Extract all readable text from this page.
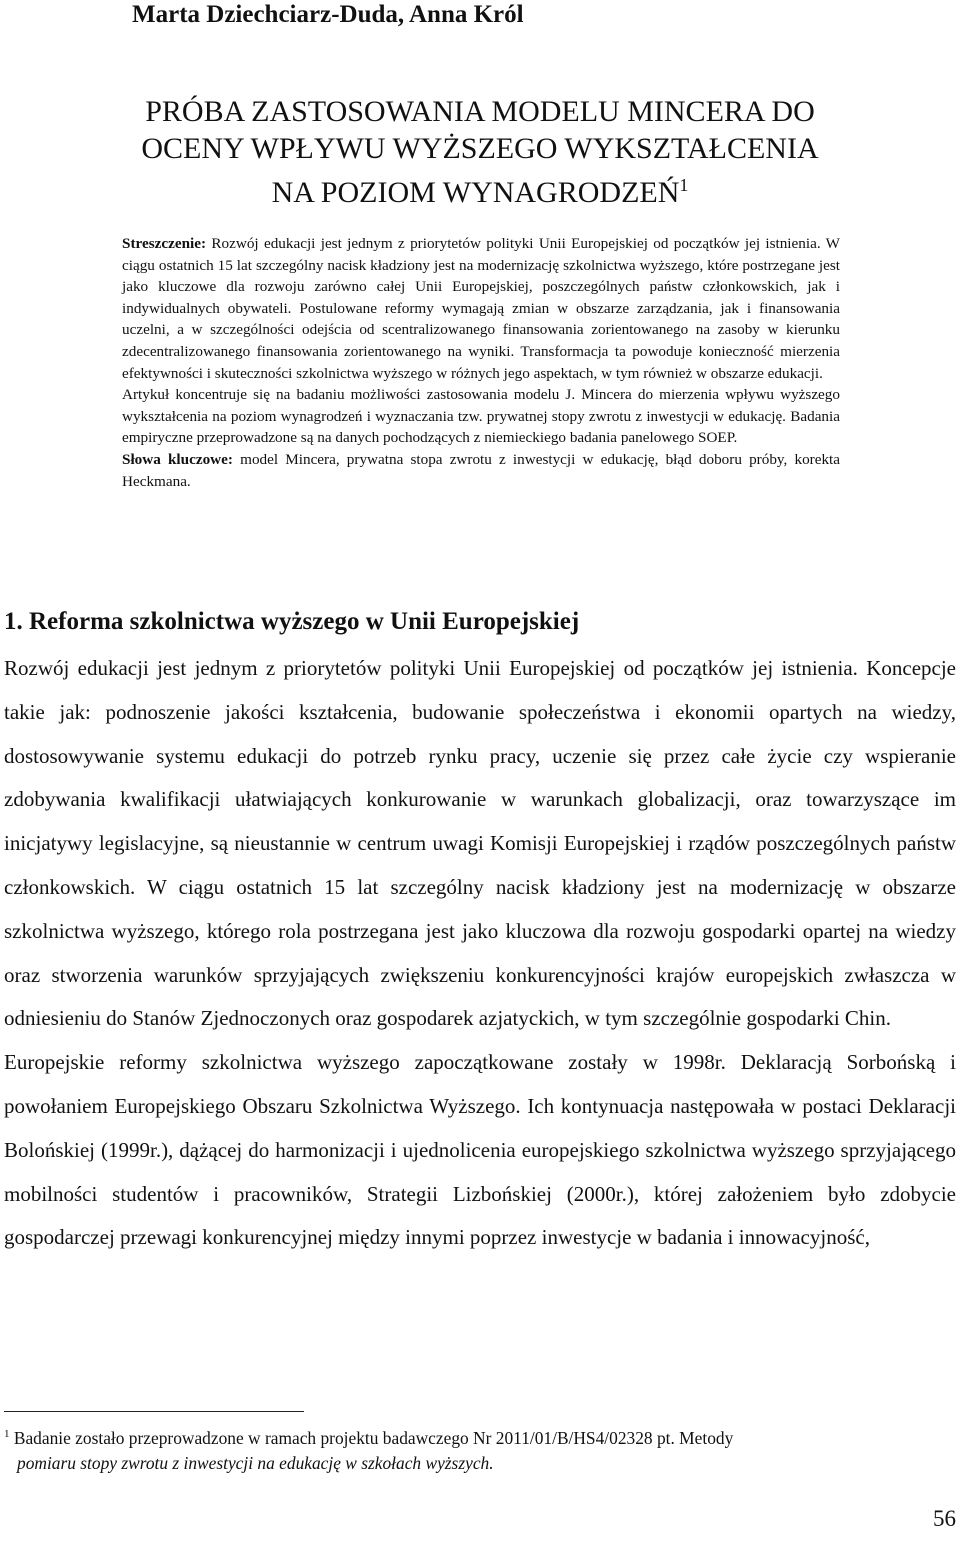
Marta Dziechciarz-Duda, Anna Król
PRÓBA ZASTOSOWANIA MODELU MINCERA DO
OCENY WPŁYWU WYŻSZEGO WYKSZTAŁCENIA
NA POZIOM WYNAGRODZEŃ$^1$

Streszczenie: Rozwój edukacji jest jednym z priorytetów polityki Unii Europejskiej od początków jej istnienia. W ciągu ostatnich 15 lat szczególny nacisk kładziony jest na modernizację szkolnictwa wyższego, które postrzegane jest jako kluczowe dla rozwoju zarówno całej Unii Europejskiej, poszczególnych państw członkowskich, jak i indywidualnych obywateli. Postulowane reformy wymagają zmian w obszarze zarządzania, jak i finansowania uczelni, a w szczególności odejścia od scentralizowanego finansowania zorientowanego na zasoby w kierunku zdecentralizowanego finansowania zorientowanego na wyniki. Transformacja ta powoduje konieczność mierzenia efektywności i skuteczności szkolnictwa wyższego w różnych jego aspektach, w tym również w obszarze edukacji.

Artykuł koncentruje się na badaniu możliwości zastosowania modelu J. Mincera do mierzenia wpływu wyższego wykształcenia na poziom wynagrodzeń i wyznaczania tzw. prywatnej stopy zwrotu z inwestycji w edukację. Badania empiryczne przeprowadzone są na danych pochodzących z niemieckiego badania panelowego SOEP.

Słowa kluczowe: model Mincera, prywatna stopa zwrotu z inwestycji w edukację, błąd doboru próby, korekta Heckmana.

1. Reforma szkolnictwa wyższego w Unii Europejskiej

Rozwój edukacji jest jednym z priorytetów polityki Unii Europejskiej od początków jej istnienia. Koncepcje takie jak: podnoszenie jakości kształcenia, budowanie społeczeństwa i ekonomii opartych na wiedzy, dostosowywanie systemu edukacji do potrzeb rynku pracy, uczenie się przez całe życie czy wspieranie zdobywania kwalifikacji ułatwiających konkurowanie w warunkach globalizacji, oraz towarzyszące im inicjatywy legislacyjne, są nieustannie w centrum uwagi Komisji Europejskiej i rządów poszczególnych państw członkowskich. W ciągu ostatnich 15 lat szczególny nacisk kładziony jest na modernizację w obszarze szkolnictwa wyższego, którego rola postrzegana jest jako kluczowa dla rozwoju gospodarki opartej na wiedzy oraz stworzenia warunków sprzyjających zwiększeniu konkurencyjności krajów europejskich zwłaszcza w odniesieniu do Stanów Zjednoczonych oraz gospodarek azjatyckich, w tym szczególnie gospodarki Chin.

Europejskie reformy szkolnictwa wyższego zapoczątkowane zostały w 1998r. Deklaracją Sorbońską i powołaniem Europejskiego Obszaru Szkolnictwa Wyższego. Ich kontynuacja następowała w postaci Deklaracji Bolońskiej (1999r.), dążącej do harmonizacji i ujednolicenia europejskiego szkolnictwa wyższego sprzyjającego mobilności studentów i pracowników, Strategii Lizbońskiej (2000r.), której założeniem było zdobycie gospodarczej przewagi konkurencyjnej między innymi poprzez inwestycje w badania i innowacyjność,

$^1$ Badanie zostało przeprowadzone w ramach projektu badawczego Nr 2011/01/B/HS4/02328 pt. Metody
pomiaru stopy zwrotu z inwestycji na edukację w szkołach wyższych.

56
